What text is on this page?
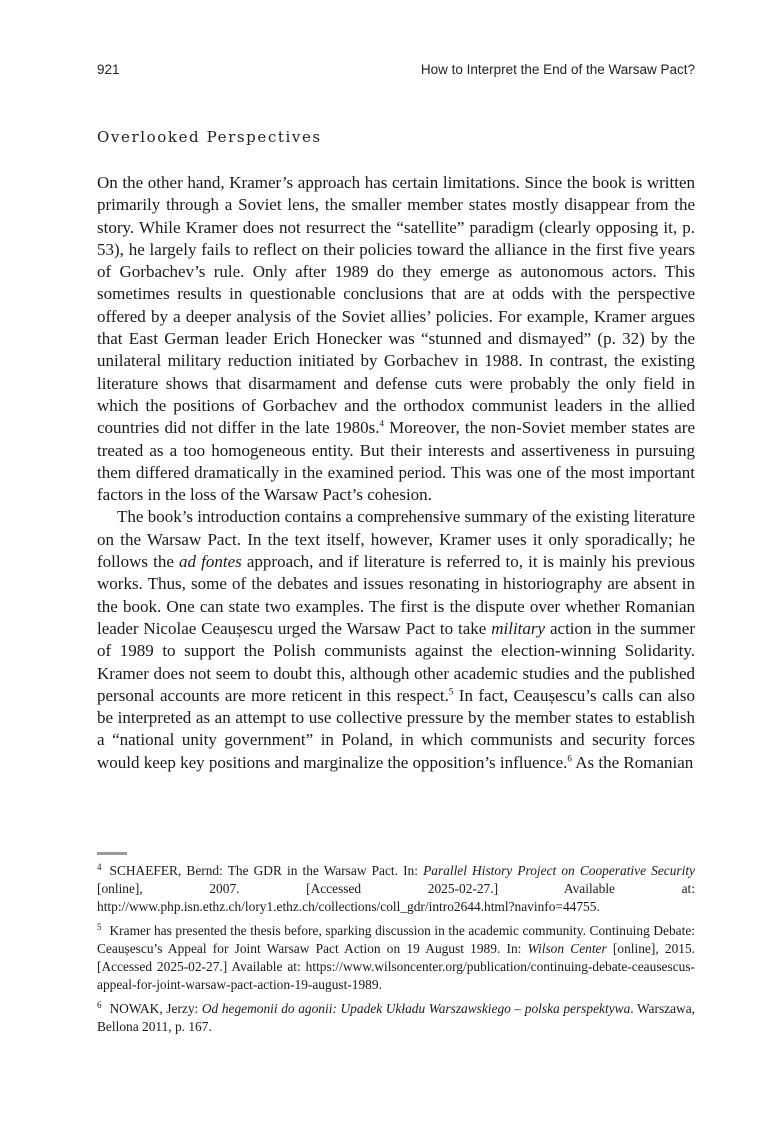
921	How to Interpret the End of the Warsaw Pact?
Overlooked Perspectives

On the other hand, Kramer’s approach has certain limitations. Since the book is written primarily through a Soviet lens, the smaller member states mostly disappear from the story. While Kramer does not resurrect the “satellite” paradigm (clearly opposing it, p. 53), he largely fails to reflect on their policies toward the alliance in the first five years of Gorbachev’s rule. Only after 1989 do they emerge as autonomous actors. This sometimes results in questionable conclusions that are at odds with the perspective offered by a deeper analysis of the Soviet allies’ policies. For example, Kramer argues that East German leader Erich Honecker was “stunned and dismayed” (p. 32) by the unilateral military reduction initiated by Gorbachev in 1988. In contrast, the existing literature shows that disarmament and defense cuts were probably the only field in which the positions of Gorbachev and the orthodox communist leaders in the allied countries did not differ in the late 1980s.$^4$ Moreover, the non-Soviet member states are treated as a too homogeneous entity. But their interests and assertiveness in pursuing them differed dramatically in the examined period. This was one of the most important factors in the loss of the Warsaw Pact’s cohesion.

The book’s introduction contains a comprehensive summary of the existing literature on the Warsaw Pact. In the text itself, however, Kramer uses it only sporadically; he follows the ad fontes approach, and if literature is referred to, it is mainly his previous works. Thus, some of the debates and issues resonating in historiography are absent in the book. One can state two examples. The first is the dispute over whether Romanian leader Nicolae Ceaușescu urged the Warsaw Pact to take military action in the summer of 1989 to support the Polish communists against the election-winning Solidarity. Kramer does not seem to doubt this, although other academic studies and the published personal accounts are more reticent in this respect.$^5$ In fact, Ceaușescu’s calls can also be interpreted as an attempt to use collective pressure by the member states to establish a “national unity government” in Poland, in which communists and security forces would keep key positions and marginalize the opposition’s influence.$^6$ As the Romanian

$^4$ SCHAEFER, Bernd: The GDR in the Warsaw Pact. In: Parallel History Project on Cooperative Security [online], 2007. [Accessed 2025-02-27.] Available at: http://www.php.isn.ethz.ch/lory1.ethz.ch/collections/coll_gdr/intro2644.html?navinfo=44755.

$^5$ Kramer has presented the thesis before, sparking discussion in the academic community. Continuing Debate: Ceaușescu’s Appeal for Joint Warsaw Pact Action on 19 August 1989. In: Wilson Center [online], 2015. [Accessed 2025-02-27.] Available at: https://www.wilsoncenter.org/publication/continuing-debate-ceausescus-appeal-for-joint-warsaw-pact-action-19-august-1989.

$^6$ NOWAK, Jerzy: Od hegemonii do agonii: Upadek Układu Warszawskiego – polska perspektywa. Warszawa, Bellona 2011, p. 167.
